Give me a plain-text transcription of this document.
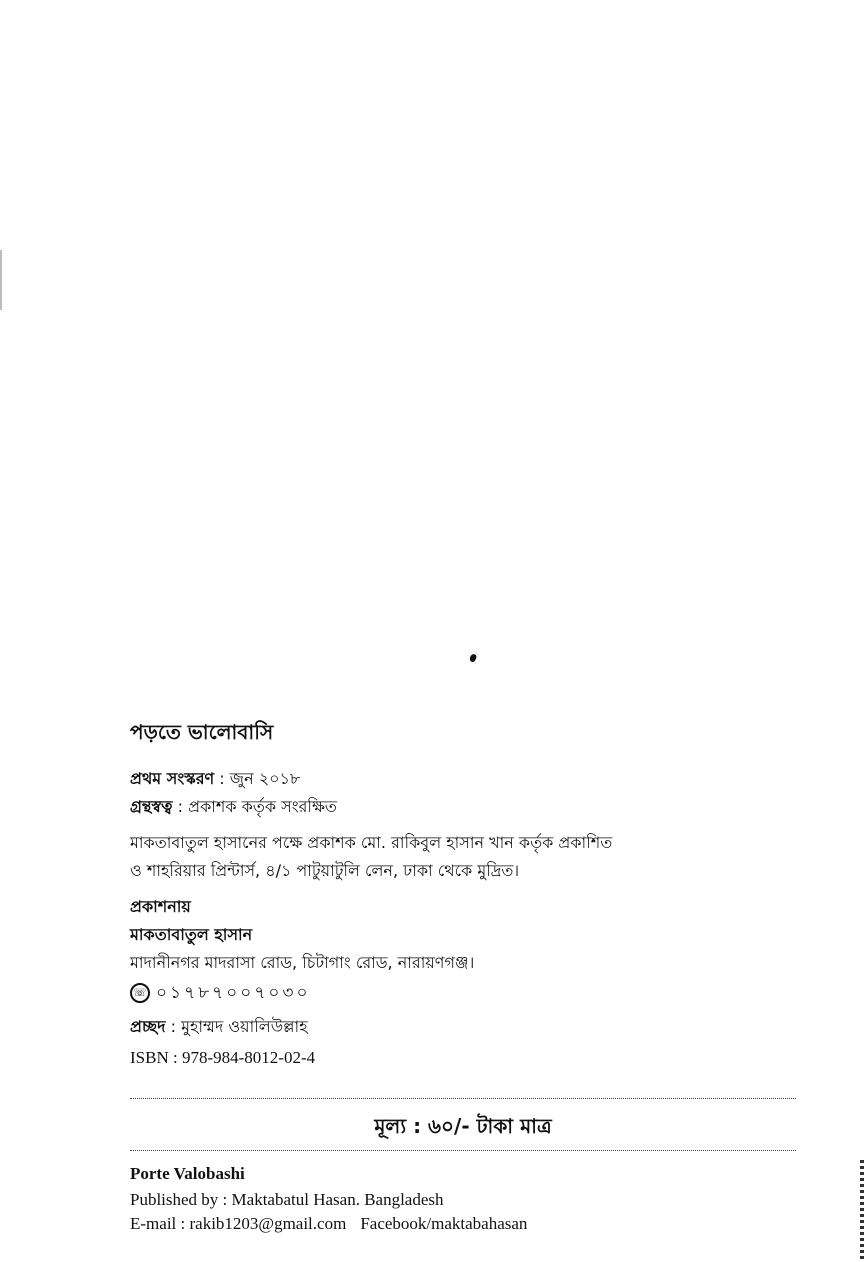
পড়তে ভালোবাসি
প্রথম সংস্করণ : জুন ২০১৮
গ্রন্থস্বত্ব : প্রকাশক কর্তৃক সংরক্ষিত
মাকতাবাতুল হাসানের পক্ষে প্রকাশক মো. রাকিবুল হাসান খান কর্তৃক প্রকাশিত
ও শাহরিয়ার প্রিন্টার্স, ৪/১ পাটুয়াটুলি লেন, ঢাকা থেকে মুদ্রিত।
প্রকাশনায়
মাকতাবাতুল হাসান
মাদানীনগর মাদরাসা রোড, চিটাগাং রোড, নারায়ণগঞ্জ।
☏ ০১৭৮৭০০৭০৩০
প্রচ্ছদ : মুহাম্মদ ওয়ালিউল্লাহ
ISBN : 978-984-8012-02-4
মূল্য : ৬০/- টাকা মাত্র
Porte Valobashi
Published by : Maktabatul Hasan. Bangladesh
E-mail : rakib1203@gmail.com Facebook/maktabahasan
